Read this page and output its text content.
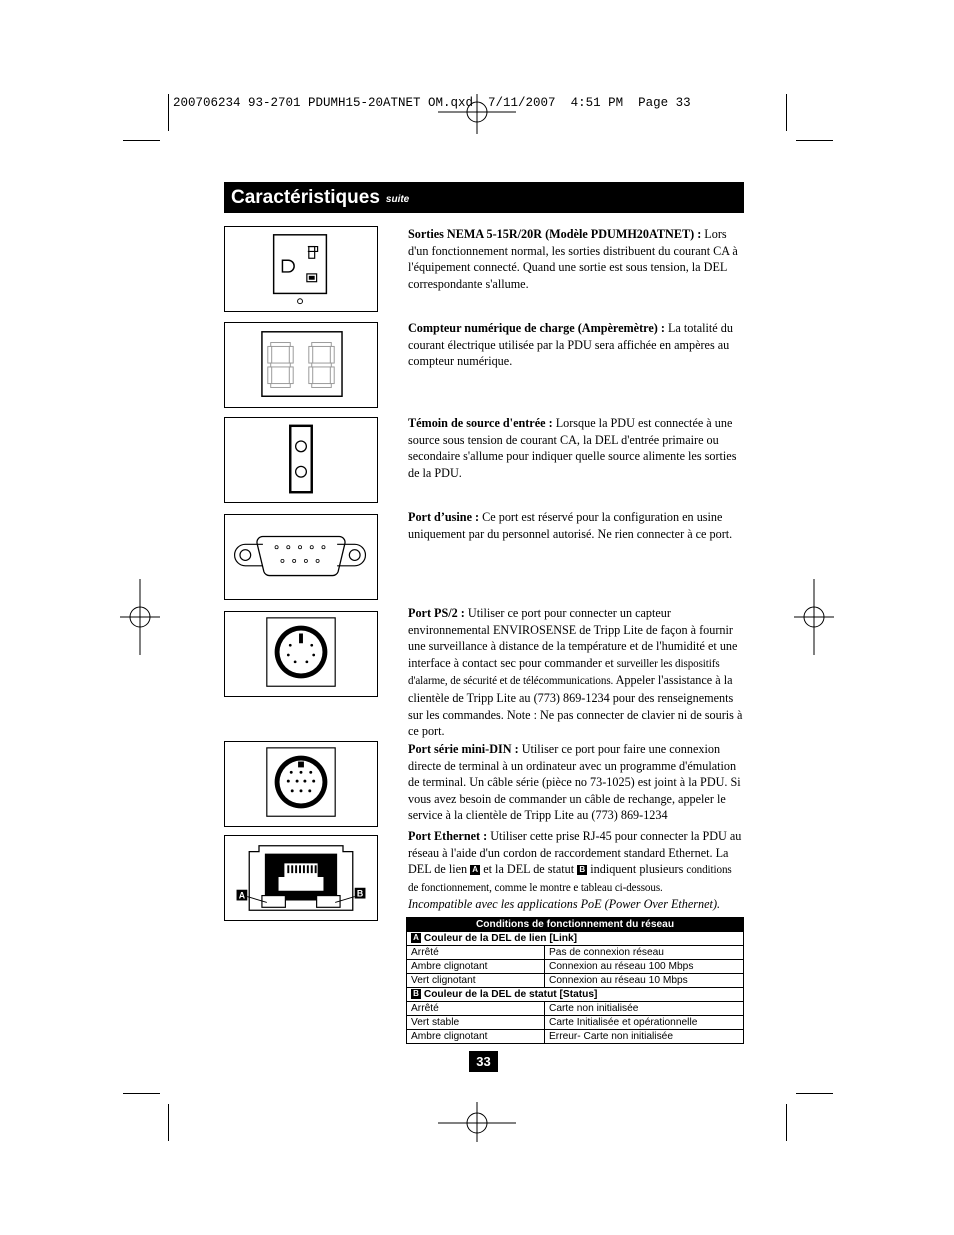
200706234 93-2701 PDUMH15-20ATNET OM.qxd  7/11/2007  4:51 PM  Page 33
Caractéristiques suite
A	B
Sorties NEMA 5-15R/20R (Modèle PDUMH20ATNET) : Lors d'un fonctionnement normal, les sorties distribuent du courant CA à l'équipement connecté. Quand une sortie est sous tension, la DEL correspondante s'allume.
Compteur numérique de charge (Ampèremètre) : La totalité du courant électrique utilisée par la PDU sera affichée en ampères au compteur numérique.
Témoin de source d'entrée : Lorsque la PDU est connectée à une source sous tension de courant CA, la DEL d'entrée primaire ou secondaire s'allume pour indiquer quelle source alimente les sorties de la PDU.
Port d’usine : Ce port est réservé pour la configuration en usine uniquement par du personnel autorisé. Ne rien connecter à ce port.
Port PS/2 : Utiliser ce port pour connecter un capteur environnemental ENVIROSENSE de Tripp Lite de façon à fournir une surveillance à distance de la température et de l'humidité et une interface à contact sec pour commander et surveiller les dispositifs d'alarme, de sécurité et de télécommunications. Appeler l'assistance à la clientèle de Tripp Lite au (773) 869-1234 pour des renseignements sur les commandes. Note : Ne pas connecter de clavier ni de souris à ce port.
Port série mini-DIN : Utiliser ce port pour faire une connexion directe de terminal à un ordinateur avec un programme d'émulation de terminal. Un câble série (pièce no 73-1025) est joint à la PDU. Si vous avez besoin de commander un câble de rechange, appeler le service à la clientèle de Tripp Lite au (773) 869-1234
Port Ethernet : Utiliser cette prise RJ-45 pour connecter la PDU au réseau à l'aide d'un cordon de raccordement standard Ethernet. La DEL de lien A et la DEL de statut B indiquent plusieurs conditions de fonctionnement, comme le montre e tableau ci-dessous.
Incompatible avec les applications PoE (Power Over Ethernet).
Conditions de fonctionnement du réseau
A Couleur de la DEL de lien [Link]
Arrêté	Pas de connexion réseau
Ambre clignotant	Connexion au réseau 100 Mbps
Vert clignotant	Connexion au réseau 10 Mbps
B Couleur de la DEL de statut [Status]
Arrêté	Carte non initialisée
Vert stable	Carte Initialisée et opérationnelle
Ambre clignotant	Erreur- Carte non initialisée
33
